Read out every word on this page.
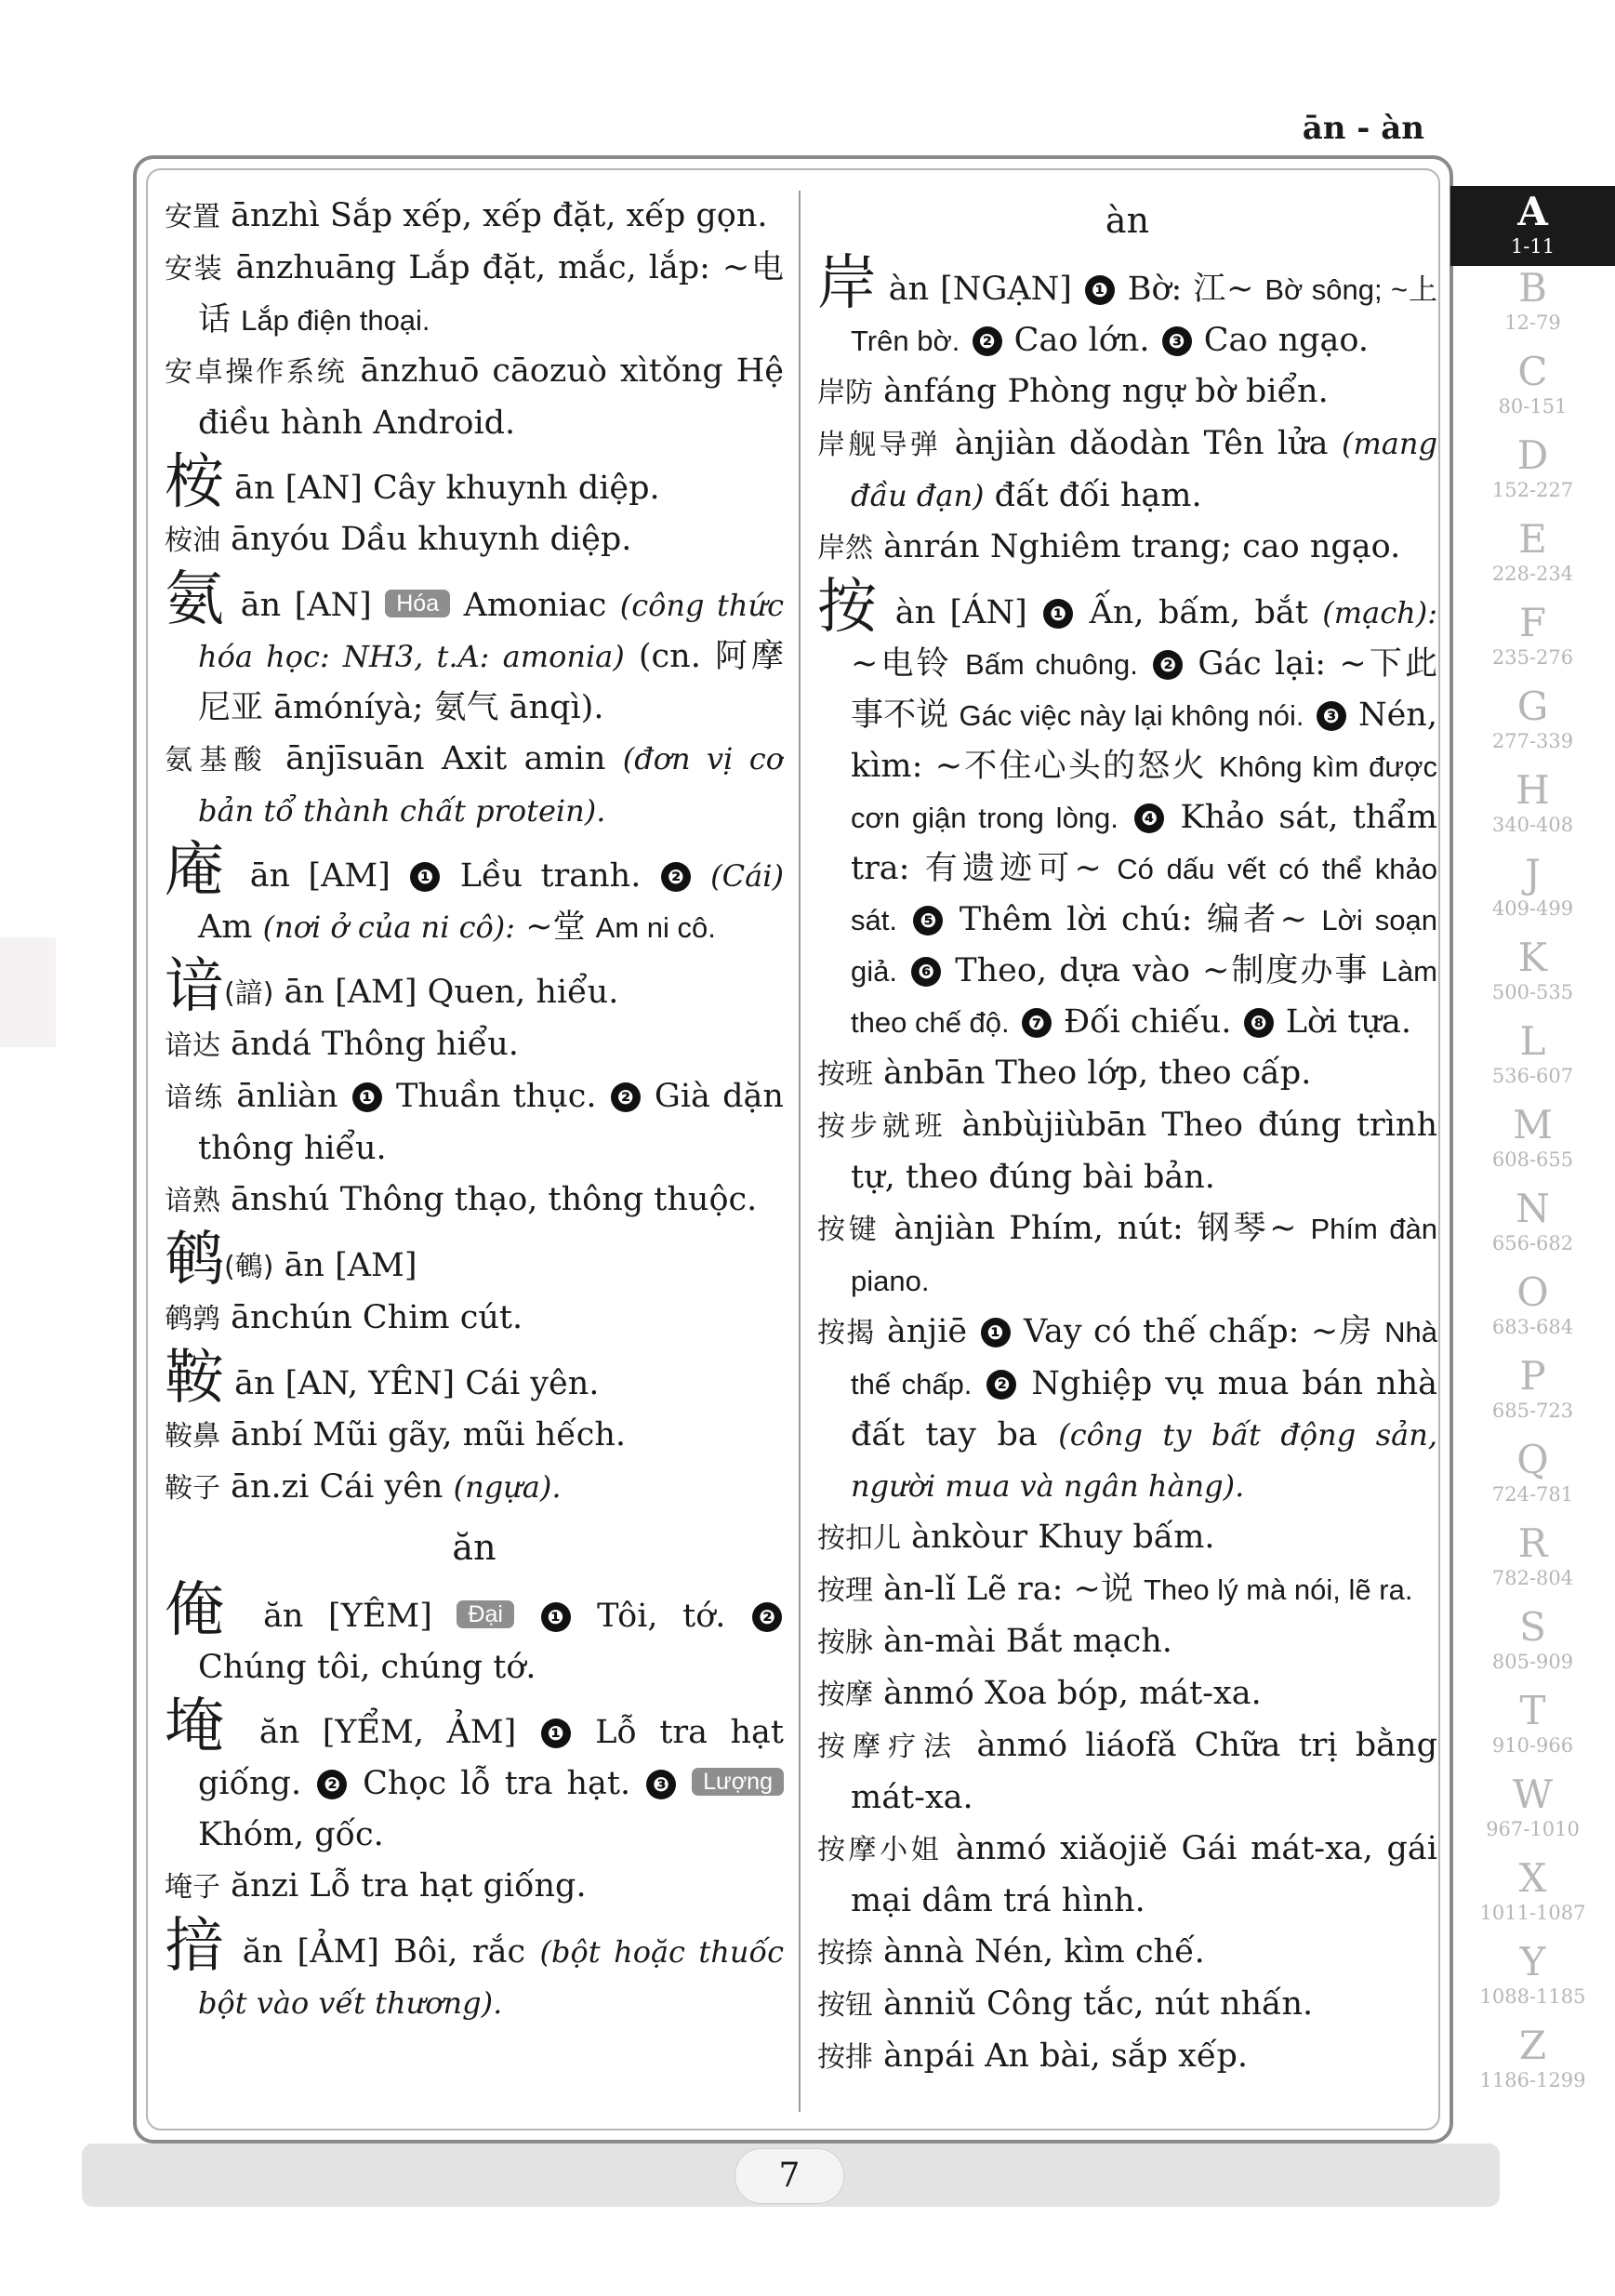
ān - àn

安置 ānzhì Sắp xếp, xếp đặt, xếp gọn.

安装 ānzhuāng Lắp đặt, mắc, lắp: ~电话 Lắp điện thoại.

安卓操作系统 ānzhuō cāozuò xìtǒng Hệ điều hành Android.

桉 ān [AN] Cây khuynh diệp.

桉油 ānyóu Dầu khuynh diệp.

氨 ān [AN] Hóa Amoniac (công thức hóa học: NH3, t.A: amonia) (cn. 阿摩尼亚 āmóníyà; 氨气 ānqì).

氨基酸 ānjīsuān Axit amin (đơn vị cơ bản tổ thành chất protein).

庵 ān [AM] ❶ Lều tranh. ❷ (Cái) Am (nơi ở của ni cô): ~堂 Am ni cô.

谙(諳) ān [AM] Quen, hiểu.

谙达 āndá Thông hiểu.

谙练 ānliàn ❶ Thuần thục. ❷ Già dặn thông hiểu.

谙熟 ānshú Thông thạo, thông thuộc.

鹌(鵪) ān [AM]

鹌鹑 ānchún Chim cút.

鞍 ān [AN, YÊN] Cái yên.

鞍鼻 ānbí Mũi gãy, mũi hếch.

鞍子 ān.zi Cái yên (ngựa).

ăn

俺 ăn [YÊM] Đại ❶ Tôi, tớ. ❷ Chúng tôi, chúng tớ.

埯 ăn [YỂM, ẢM] ❶ Lỗ tra hạt giống. ❷ Chọc lỗ tra hạt. ❸ Lượng Khóm, gốc.

埯子 ănzi Lỗ tra hạt giống.

揞 ăn [ẢM] Bôi, rắc (bột hoặc thuốc bột vào vết thương).

àn

岸 àn [NGẠN] ❶ Bờ: 江~ Bờ sông; ~上 Trên bờ. ❷ Cao lớn. ❸ Cao ngạo.

岸防 ànfáng Phòng ngự bờ biển.

岸舰导弹 ànjiàn dǎodàn Tên lửa (mang đầu đạn) đất đối hạm.

岸然 ànrán Nghiêm trang; cao ngạo.

按 àn [ÁN] ❶ Ấn, bấm, bắt (mạch): ~电铃 Bấm chuông. ❷ Gác lại: ~下此事不说 Gác việc này lại không nói. ❸ Nén, kìm: ~不住心头的怒火 Không kìm được cơn giận trong lòng. ❹ Khảo sát, thẩm tra: 有遗迹可~ Có dấu vết có thể khảo sát. ❺ Thêm lời chú: 编者~ Lời soạn giả. ❻ Theo, dựa vào ~制度办事 Làm theo chế độ. ❼ Đối chiếu. ❽ Lời tựa.

按班 ànbān Theo lớp, theo cấp.

按步就班 ànbùjiùbān Theo đúng trình tự, theo đúng bài bản.

按键 ànjiàn Phím, nút: 钢琴~ Phím đàn piano.

按揭 ànjiē ❶ Vay có thế chấp: ~房 Nhà thế chấp. ❷ Nghiệp vụ mua bán nhà đất tay ba (công ty bất động sản, người mua và ngân hàng).

按扣儿 ànkòur Khuy bấm.

按理 àn-lǐ Lẽ ra: ~说 Theo lý mà nói, lẽ ra.

按脉 àn-mài Bắt mạch.

按摩 ànmó Xoa bóp, mát-xa.

按摩疗法 ànmó liáofǎ Chữa trị bằng mát-xa.

按摩小姐 ànmó xiǎojiě Gái mát-xa, gái mại dâm trá hình.

按捺 ànnà Nén, kìm chế.

按钮 ànniǔ Công tắc, nút nhấn.

按排 ànpái An bài, sắp xếp.

A
1-11
B
12-79
C
80-151
D
152-227
E
228-234
F
235-276
G
277-339
H
340-408
J
409-499
K
500-535
L
536-607
M
608-655
N
656-682
O
683-684
P
685-723
Q
724-781
R
782-804
S
805-909
T
910-966
W
967-1010
X
1011-1087
Y
1088-1185
Z
1186-1299
7
